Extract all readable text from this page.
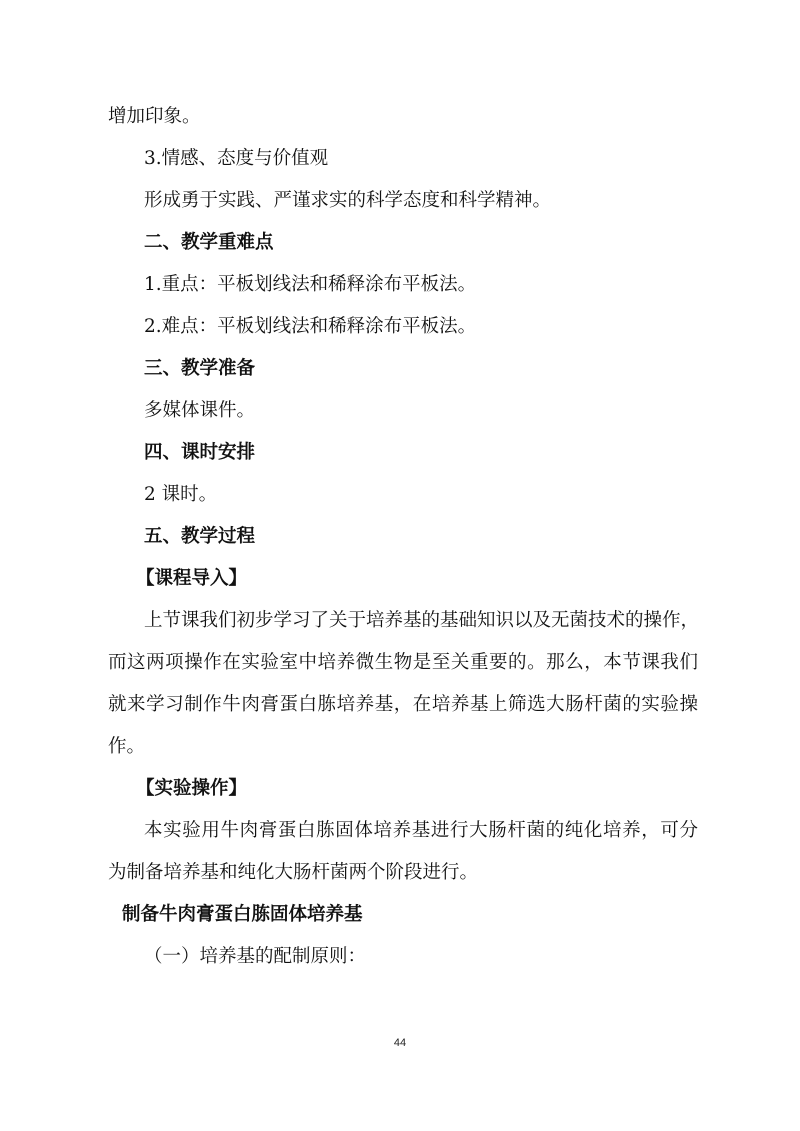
增加印象。

3.情感、态度与价值观

形成勇于实践、严谨求实的科学态度和科学精神。

二、教学重难点

1.重点：平板划线法和稀释涂布平板法。

2.难点：平板划线法和稀释涂布平板法。

三、教学准备

多媒体课件。

四、课时安排

2 课时。

五、教学过程

【课程导入】

上节课我们初步学习了关于培养基的基础知识以及无菌技术的操作，

而这两项操作在实验室中培养微生物是至关重要的。那么，本节课我们

就来学习制作牛肉膏蛋白胨培养基，在培养基上筛选大肠杆菌的实验操

作。

【实验操作】

本实验用牛肉膏蛋白胨固体培养基进行大肠杆菌的纯化培养，可分

为制备培养基和纯化大肠杆菌两个阶段进行。

制备牛肉膏蛋白胨固体培养基

（一）培养基的配制原则：

44
